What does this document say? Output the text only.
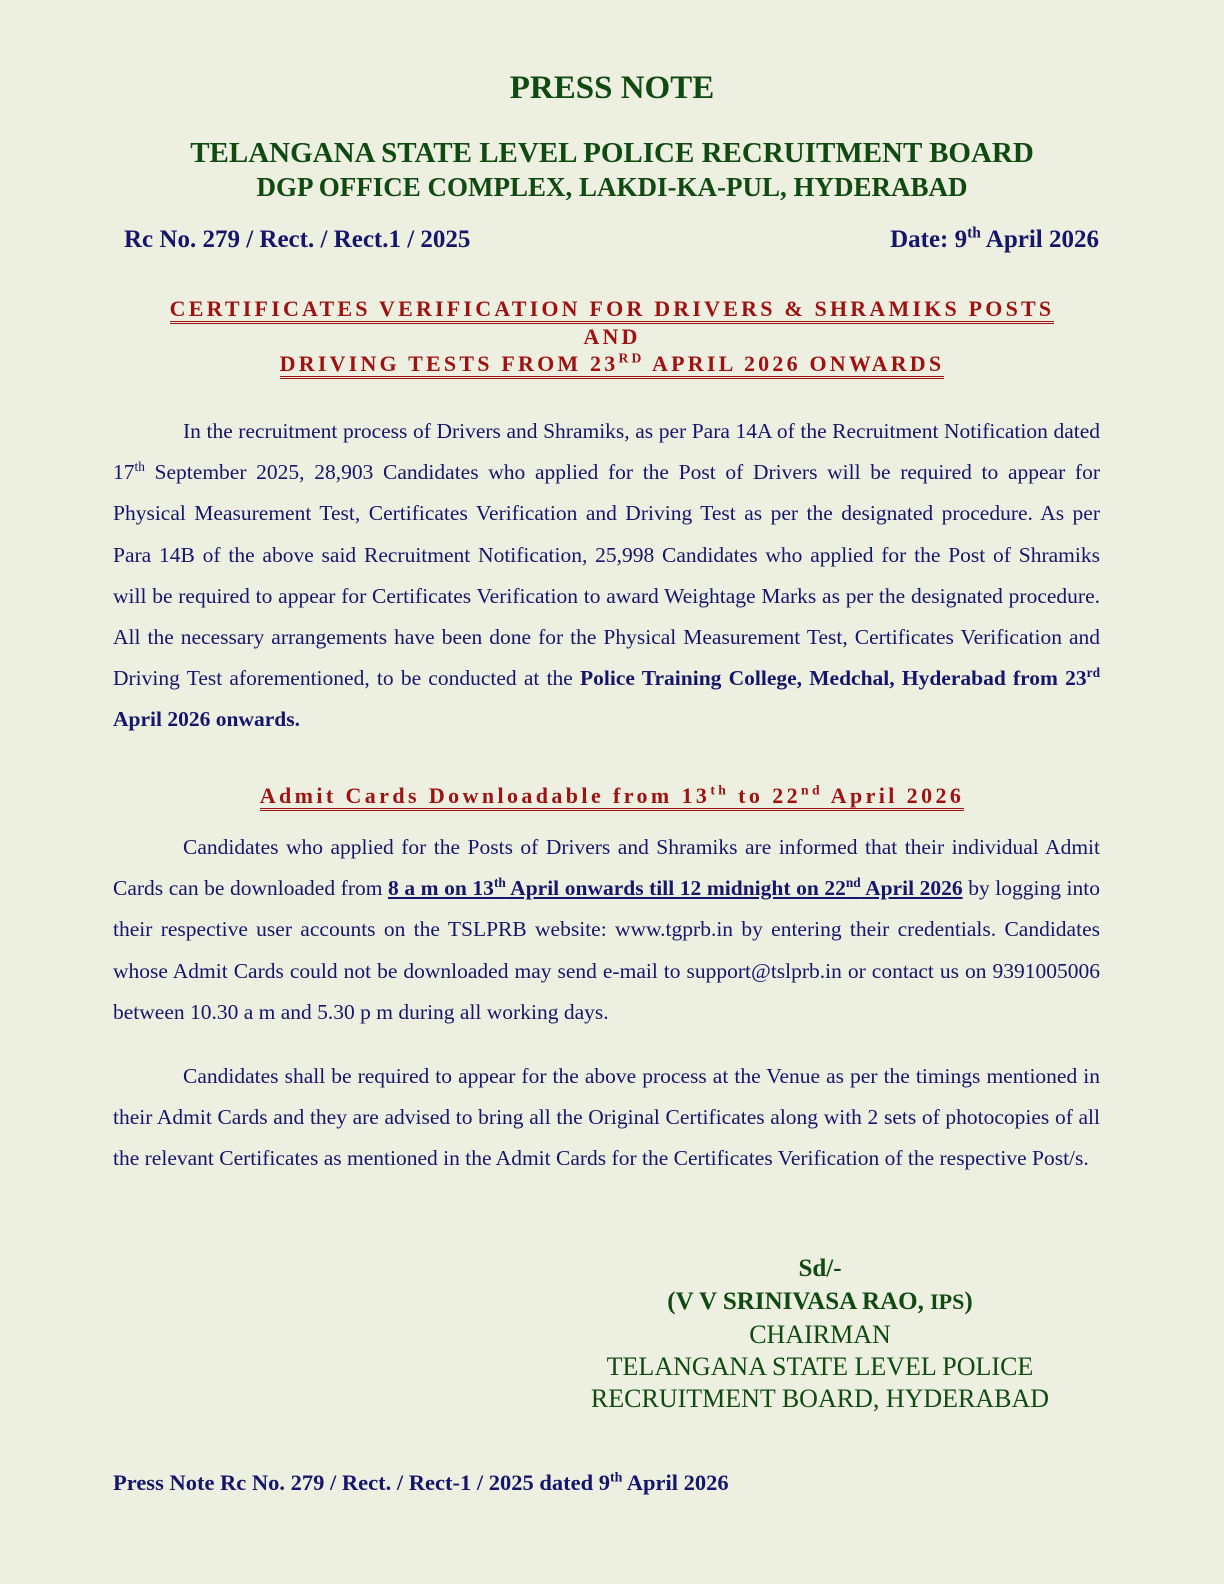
PRESS NOTE
TELANGANA STATE LEVEL POLICE RECRUITMENT BOARD
DGP OFFICE COMPLEX, LAKDI-KA-PUL, HYDERABAD
Rc No. 279 / Rect. / Rect.1 / 2025	Date: 9th April 2026
CERTIFICATES VERIFICATION FOR DRIVERS & SHRAMIKS POSTS
AND
DRIVING TESTS FROM 23RD APRIL 2026 ONWARDS
In the recruitment process of Drivers and Shramiks, as per Para 14A of the Recruitment Notification dated 17th September 2025, 28,903 Candidates who applied for the Post of Drivers will be required to appear for Physical Measurement Test, Certificates Verification and Driving Test as per the designated procedure. As per Para 14B of the above said Recruitment Notification, 25,998 Candidates who applied for the Post of Shramiks will be required to appear for Certificates Verification to award Weightage Marks as per the designated procedure. All the necessary arrangements have been done for the Physical Measurement Test, Certificates Verification and Driving Test aforementioned, to be conducted at the Police Training College, Medchal, Hyderabad from 23rd April 2026 onwards.
Admit Cards Downloadable from 13th to 22nd April 2026
Candidates who applied for the Posts of Drivers and Shramiks are informed that their individual Admit Cards can be downloaded from 8 a m on 13th April onwards till 12 midnight on 22nd April 2026 by logging into their respective user accounts on the TSLPRB website: www.tgprb.in by entering their credentials. Candidates whose Admit Cards could not be downloaded may send e-mail to support@tslprb.in or contact us on 9391005006 between 10.30 a m and 5.30 p m during all working days.
Candidates shall be required to appear for the above process at the Venue as per the timings mentioned in their Admit Cards and they are advised to bring all the Original Certificates along with 2 sets of photocopies of all the relevant Certificates as mentioned in the Admit Cards for the Certificates Verification of the respective Post/s.
Sd/-
(V V SRINIVASA RAO, IPS)
CHAIRMAN
TELANGANA STATE LEVEL POLICE
RECRUITMENT BOARD, HYDERABAD
Press Note Rc No. 279 / Rect. / Rect-1 / 2025 dated 9th April 2026
